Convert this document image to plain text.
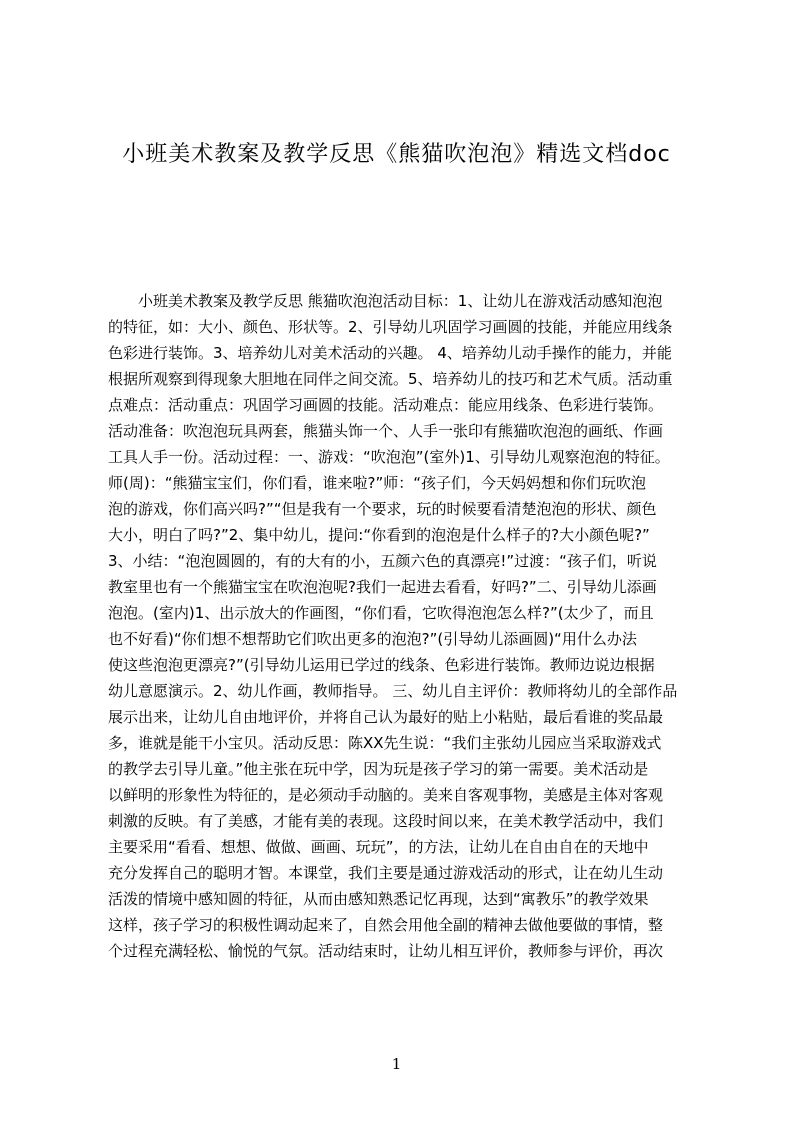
小班美术教案及教学反思《熊猫吹泡泡》精选文档doc
小班美术教案及教学反思 熊猫吹泡泡活动目标：1、让幼儿在游戏活动感知泡泡
的特征，如：大小、颜色、形状等。2、引导幼儿巩固学习画圆的技能，并能应用线条
色彩进行装饰。3、培养幼儿对美术活动的兴趣。 4、培养幼儿动手操作的能力，并能
根据所观察到得现象大胆地在同伴之间交流。5、培养幼儿的技巧和艺术气质。活动重
点难点：活动重点：巩固学习画圆的技能。活动难点：能应用线条、色彩进行装饰。
活动准备：吹泡泡玩具两套，熊猫头饰一个、人手一张印有熊猫吹泡泡的画纸、作画
工具人手一份。活动过程：一、游戏：“吹泡泡”(室外)1、引导幼儿观察泡泡的特征。
师(周)：“熊猫宝宝们，你们看，谁来啦?”师：“孩子们，今天妈妈想和你们玩吹泡
泡的游戏，你们高兴吗?”“但是我有一个要求，玩的时候要看清楚泡泡的形状、颜色
大小，明白了吗?”2、集中幼儿，提问:“你看到的泡泡是什么样子的?大小颜色呢?”
3、小结：“泡泡圆圆的，有的大有的小，五颜六色的真漂亮!”过渡：“孩子们，听说
教室里也有一个熊猫宝宝在吹泡泡呢?我们一起进去看看，好吗?”二、引导幼儿添画
泡泡。(室内)1、出示放大的作画图，“你们看，它吹得泡泡怎么样?”(太少了，而且
也不好看)“你们想不想帮助它们吹出更多的泡泡?”(引导幼儿添画圆)“用什么办法
使这些泡泡更漂亮?”(引导幼儿运用已学过的线条、色彩进行装饰。教师边说边根据
幼儿意愿演示。2、幼儿作画，教师指导。 三、幼儿自主评价：教师将幼儿的全部作品
展示出来，让幼儿自由地评价，并将自己认为最好的贴上小粘贴，最后看谁的奖品最
多，谁就是能干小宝贝。活动反思：陈XX先生说：“我们主张幼儿园应当采取游戏式
的教学去引导儿童。”他主张在玩中学，因为玩是孩子学习的第一需要。美术活动是
以鲜明的形象性为特征的，是必须动手动脑的。美来自客观事物，美感是主体对客观
刺激的反映。有了美感，才能有美的表现。这段时间以来，在美术教学活动中，我们
主要采用“看看、想想、做做、画画、玩玩”，的方法，让幼儿在自由自在的天地中
充分发挥自己的聪明才智。本课堂，我们主要是通过游戏活动的形式，让在幼儿生动
活泼的情境中感知圆的特征，从而由感知熟悉记忆再现，达到“寓教乐”的教学效果
这样，孩子学习的积极性调动起来了，自然会用他全副的精神去做他要做的事情，整
个过程充满轻松、愉悦的气氛。活动结束时，让幼儿相互评价，教师参与评价，再次
1
